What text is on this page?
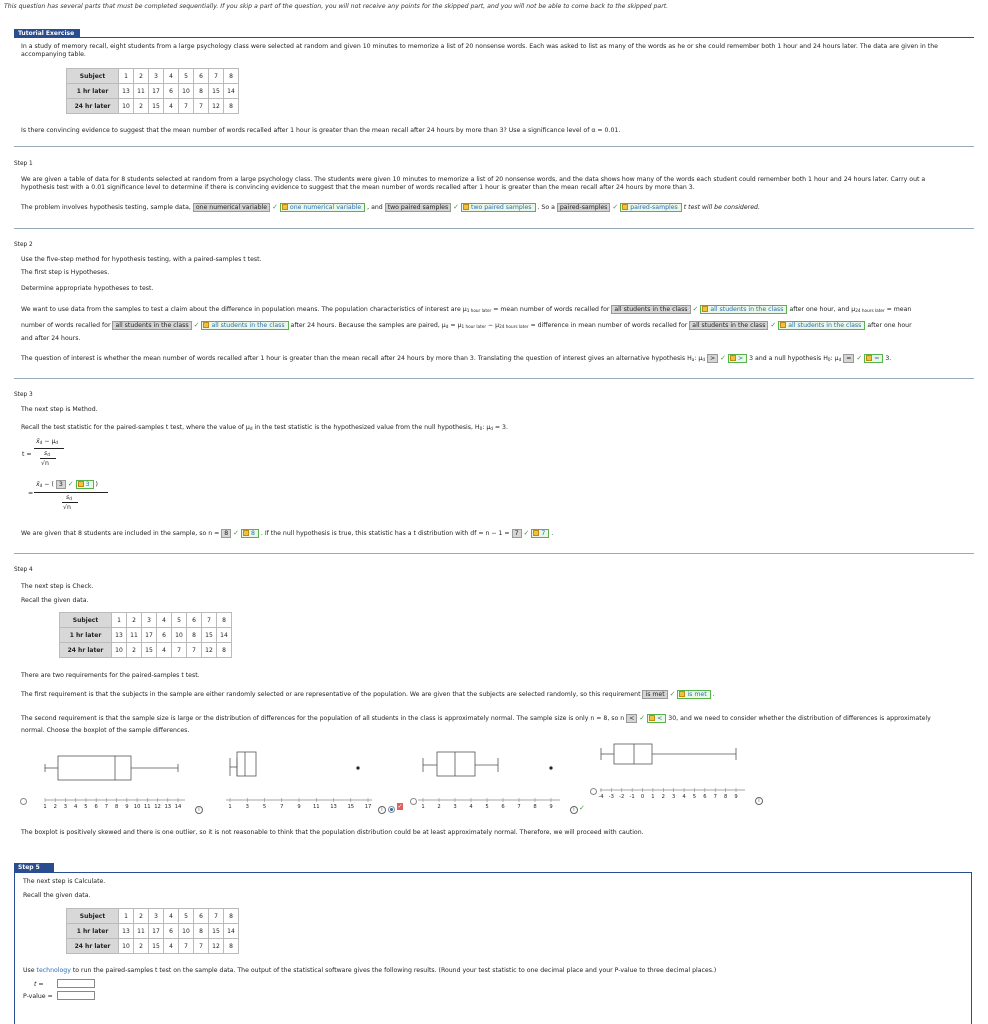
This question has several parts that must be completed sequentially. If you skip a part of the question, you will not receive any points for the skipped part, and you will not be able to come back to the skipped part.
Tutorial Exercise
In a study of memory recall, eight students from a large psychology class were selected at random and given 10 minutes to memorize a list of 20 nonsense words. Each was asked to list as many of the words as he or she could remember both 1 hour and 24 hours later. The data are given in the
accompanying table.
Subject	1	2	3	4	5	6	7	8
1 hr later	13	11	17	6	10	8	15	14
24 hr later	10	2	15	4	7	7	12	8
Is there convincing evidence to suggest that the mean number of words recalled after 1 hour is greater than the mean recall after 24 hours by more than 3? Use a significance level of α = 0.01.
Step 1
We are given a table of data for 8 students selected at random from a large psychology class. The students were given 10 minutes to memorize a list of 20 nonsense words, and the data shows how many of the words each student could remember both 1 hour and 24 hours later. Carry out a
hypothesis test with a 0.01 significance level to determine if there is convincing evidence to suggest that the mean number of words recalled after 1 hour is greater than the mean recall after 24 hours by more than 3.
The problem involves hypothesis testing, sample data, one numerical variable ✓ one numerical variable , and two paired samples ✓ two paired samples . So a paired-samples ✓ paired-samples t test will be considered.
Step 2
Use the five-step method for hypothesis testing, with a paired-samples t test.
The first step is Hypotheses.
Determine appropriate hypotheses to test.
We want to use data from the samples to test a claim about the difference in population means. The population characteristics of interest are $\mu_{1 hour later}$ = mean number of words recalled for all students in the class ✓ all students in the class after one hour, and $\mu_{24 hours later}$ = mean
number of words recalled for all students in the class ✓ all students in the class after 24 hours. Because the samples are paired, $\mu_d = \mu_{1 hour later} - \mu_{24 hours later}$ = difference in mean number of words recalled for all students in the class ✓ all students in the class after one hour
and after 24 hours.
The question of interest is whether the mean number of words recalled after 1 hour is greater than the mean recall after 24 hours by more than 3. Translating the question of interest gives an alternative hypothesis $H_a$: $\mu_d$ > ✓ > 3 and a null hypothesis $H_0$: $\mu_d$ = ✓ = 3.
Step 3
The next step is Method.
Recall the test statistic for the paired-samples t test, where the value of $\mu_d$ in the test statistic is the hypothesized value from the null hypothesis, $H_0$: $\mu_d = 3$.
t =
$x̄_d - \mu_d$
$s_d$
√n
$x̄_d$ − ( 3 ✓ 3 )
=
$s_d$
√n
We are given that 8 students are included in the sample, so n = 8 ✓ 8 . If the null hypothesis is true, this statistic has a t distribution with df = n − 1 = 7 ✓ 7 .
Step 4
The next step is Check.
Recall the given data.
Subject	1	2	3	4	5	6	7	8
1 hr later	13	11	17	6	10	8	15	14
24 hr later	10	2	15	4	7	7	12	8
There are two requirements for the paired-samples t test.
The first requirement is that the subjects in the sample are either randomly selected or are representative of the population. We are given that the subjects are selected randomly, so this requirement is met ✓ is met .
The second requirement is that the sample size is large or the distribution of differences for the population of all students in the class is approximately normal. The sample size is only n = 8, so n < ✓ < 30, and we need to consider whether the distribution of differences is approximately
normal. Choose the boxplot of the sample differences.
1 2 3 4 5 6 7 8 9 10 11 12 13 14	1	3	5	7	9 11 13 15 17	1 2 3 4 5 6 7 8 9
-4 -3 -2 -1 0 1 2 3 4 5 6 7 8 9
i	i	✓	i ✓
i
The boxplot is positively skewed and there is one outlier, so it is not reasonable to think that the population distribution could be at least approximately normal. Therefore, we will proceed with caution.
Step 5
The next step is Calculate.
Recall the given data.
Subject	1	2	3	4	5	6	7	8
1 hr later	13	11	17	6	10	8	15	14
24 hr later	10	2	15	4	7	7	12	8
Use technology to run the paired-samples t test on the sample data. The output of the statistical software gives the following results. (Round your test statistic to one decimal place and your P-value to three decimal places.)
t =
P-value =
